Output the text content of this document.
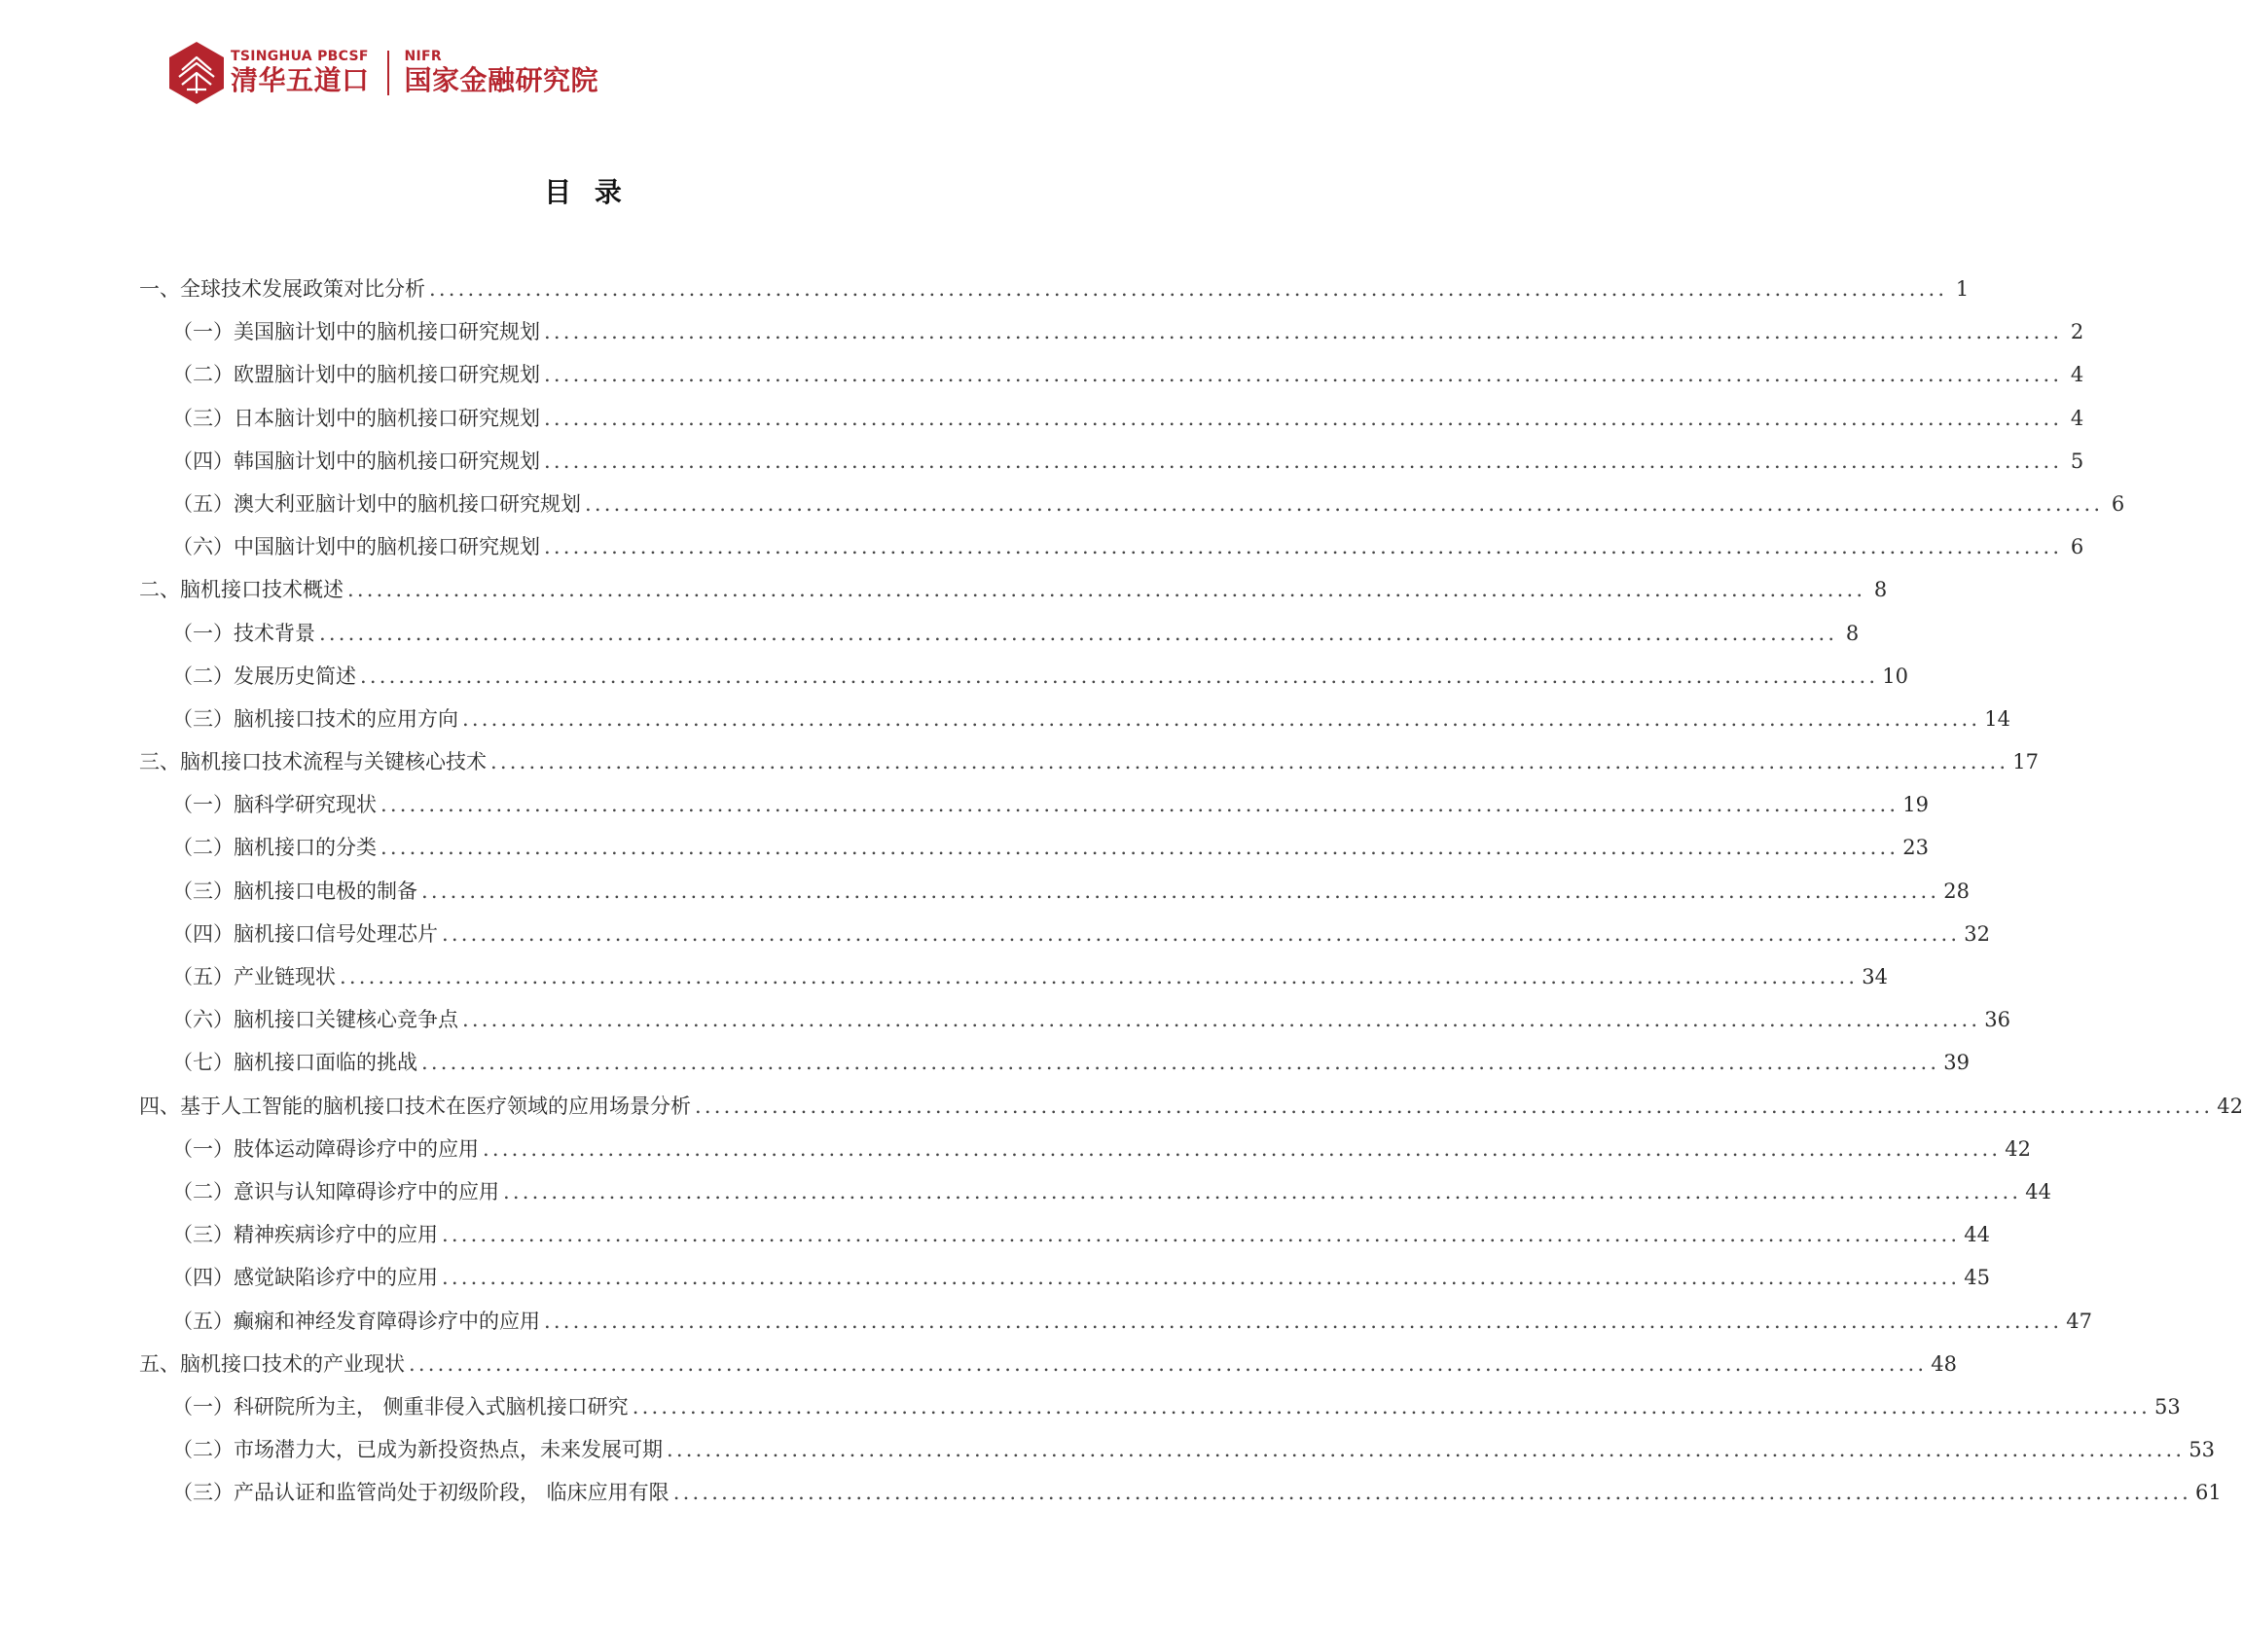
TSINGHUA PBCSF
清华五道口
NIFR
国家金融研究院
目 录
一、全球技术发展政策对比分析 .............................................................................................................................................................. 1
（一）美国脑计划中的脑机接口研究规划 .............................................................................................................................................................. 2
（二）欧盟脑计划中的脑机接口研究规划 .............................................................................................................................................................. 4
（三）日本脑计划中的脑机接口研究规划 .............................................................................................................................................................. 4
（四）韩国脑计划中的脑机接口研究规划 .............................................................................................................................................................. 5
（五）澳大利亚脑计划中的脑机接口研究规划 .............................................................................................................................................................. 6
（六）中国脑计划中的脑机接口研究规划 .............................................................................................................................................................. 6
二、脑机接口技术概述 .............................................................................................................................................................. 8
（一）技术背景 .............................................................................................................................................................. 8
（二）发展历史简述 .............................................................................................................................................................. 10
（三）脑机接口技术的应用方向 .............................................................................................................................................................. 14
三、脑机接口技术流程与关键核心技术 .............................................................................................................................................................. 17
（一）脑科学研究现状 .............................................................................................................................................................. 19
（二）脑机接口的分类 .............................................................................................................................................................. 23
（三）脑机接口电极的制备 .............................................................................................................................................................. 28
（四）脑机接口信号处理芯片 .............................................................................................................................................................. 32
（五）产业链现状 .............................................................................................................................................................. 34
（六）脑机接口关键核心竞争点 .............................................................................................................................................................. 36
（七）脑机接口面临的挑战 .............................................................................................................................................................. 39
四、基于人工智能的脑机接口技术在医疗领域的应用场景分析 .............................................................................................................................................................. 42
（一）肢体运动障碍诊疗中的应用 .............................................................................................................................................................. 42
（二）意识与认知障碍诊疗中的应用 .............................................................................................................................................................. 44
（三）精神疾病诊疗中的应用 .............................................................................................................................................................. 44
（四）感觉缺陷诊疗中的应用 .............................................................................................................................................................. 45
（五）癫痫和神经发育障碍诊疗中的应用 .............................................................................................................................................................. 47
五、脑机接口技术的产业现状 .............................................................................................................................................................. 48
（一）科研院所为主， 侧重非侵入式脑机接口研究 .............................................................................................................................................................. 53
（二）市场潜力大，已成为新投资热点，未来发展可期 .............................................................................................................................................................. 53
（三）产品认证和监管尚处于初级阶段， 临床应用有限 .............................................................................................................................................................. 61
